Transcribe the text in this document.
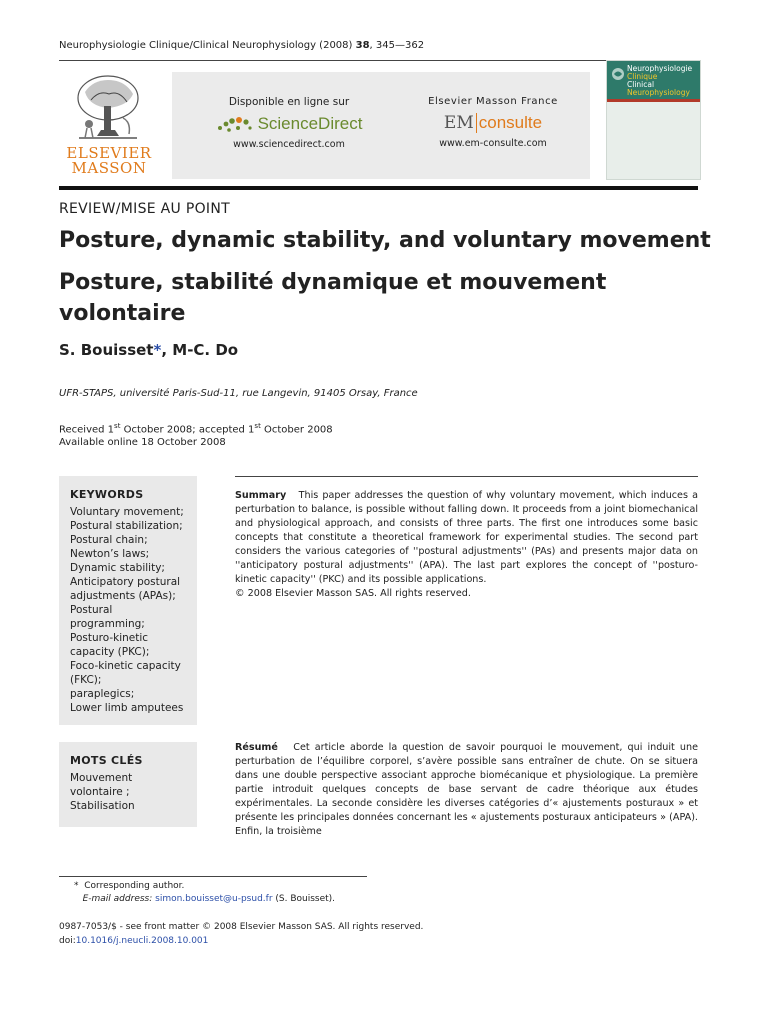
Neurophysiologie Clinique/Clinical Neurophysiology (2008) 38, 345—362
ELSEVIER
MASSON
Disponible en ligne sur
ScienceDirect
www.sciencedirect.com
Elsevier Masson France
EM consulte
www.em-consulte.com
Neurophysiologie
Clinique
Clinical
Neurophysiology
REVIEW/MISE AU POINT
Posture, dynamic stability, and voluntary movement
Posture, stabilité dynamique et mouvement volontaire
S. Bouisset*, M-C. Do
UFR-STAPS, université Paris-Sud-11, rue Langevin, 91405 Orsay, France
Received 1st October 2008; accepted 1st October 2008
Available online 18 October 2008
KEYWORDS
Voluntary movement;
Postural stabilization;
Postural chain;
Newton’s laws;
Dynamic stability;
Anticipatory postural
adjustments (APAs);
Postural
programming;
Posturo-kinetic
capacity (PKC);
Foco-kinetic capacity
(FKC);
paraplegics;
Lower limb amputees
MOTS CLÉS
Mouvement
volontaire ;
Stabilisation
Summary This paper addresses the question of why voluntary movement, which induces a perturbation to balance, is possible without falling down. It proceeds from a joint biomechanical and physiological approach, and consists of three parts. The first one introduces some basic concepts that constitute a theoretical framework for experimental studies. The second part considers the various categories of ''postural adjustments'' (PAs) and presents major data on ''anticipatory postural adjustments'' (APA). The last part explores the concept of ''posturo-kinetic capacity'' (PKC) and its possible applications.
© 2008 Elsevier Masson SAS. All rights reserved.
Résumé Cet article aborde la question de savoir pourquoi le mouvement, qui induit une perturbation de l’équilibre corporel, s’avère possible sans entraîner de chute. On se situera dans une double perspective associant approche biomécanique et physiologique. La première partie introduit quelques concepts de base servant de cadre théorique aux études expérimentales. La seconde considère les diverses catégories d’« ajustements posturaux » et présente les principales données concernant les « ajustements posturaux anticipateurs » (APA). Enfin, la troisième
* Corresponding author.
E-mail address: simon.bouisset@u-psud.fr (S. Bouisset).
0987-7053/$ - see front matter © 2008 Elsevier Masson SAS. All rights reserved.
doi:10.1016/j.neucli.2008.10.001
